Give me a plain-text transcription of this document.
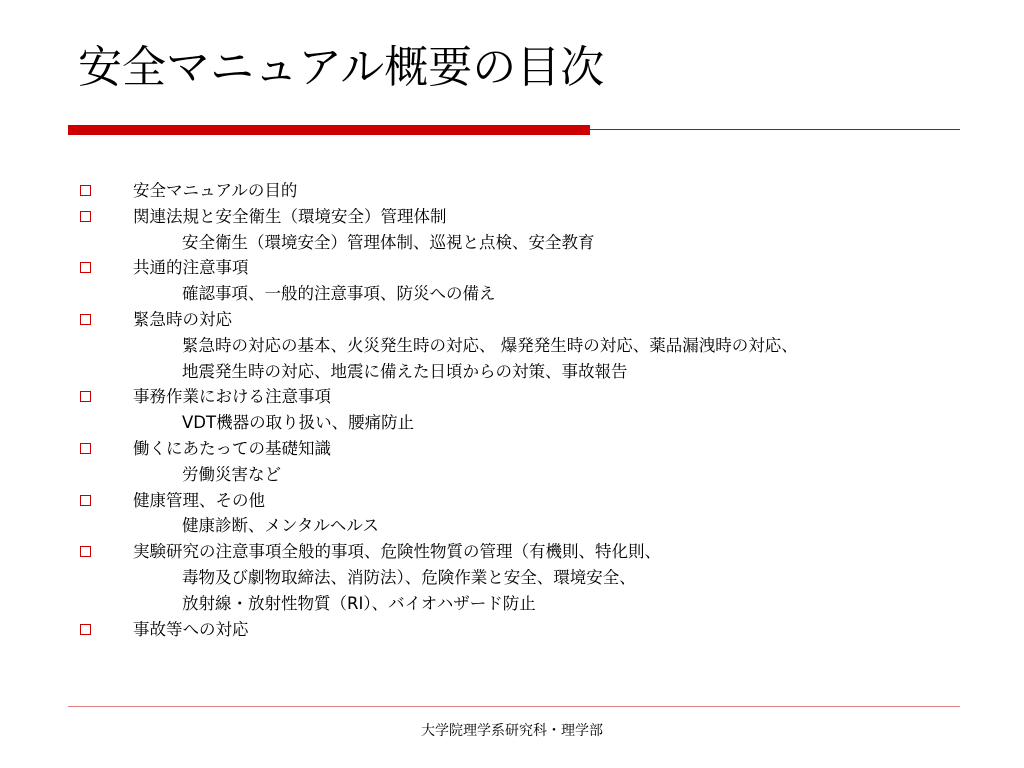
安全マニュアル概要の目次
安全マニュアルの目的
関連法規と安全衛生（環境安全）管理体制
安全衛生（環境安全）管理体制、巡視と点検、安全教育
共通的注意事項
確認事項、一般的注意事項、防災への備え
緊急時の対応
緊急時の対応の基本、火災発生時の対応、 爆発発生時の対応、薬品漏洩時の対応、
地震発生時の対応、地震に備えた日頃からの対策、事故報告
事務作業における注意事項
VDT機器の取り扱い、腰痛防止
働くにあたっての基礎知識
労働災害など
健康管理、その他
健康診断、メンタルヘルス
実験研究の注意事項全般的事項、危険性物質の管理（有機則、特化則、
毒物及び劇物取締法、消防法）、危険作業と安全、環境安全、
放射線・放射性物質（RI）、バイオハザード防止
事故等への対応
大学院理学系研究科・理学部
